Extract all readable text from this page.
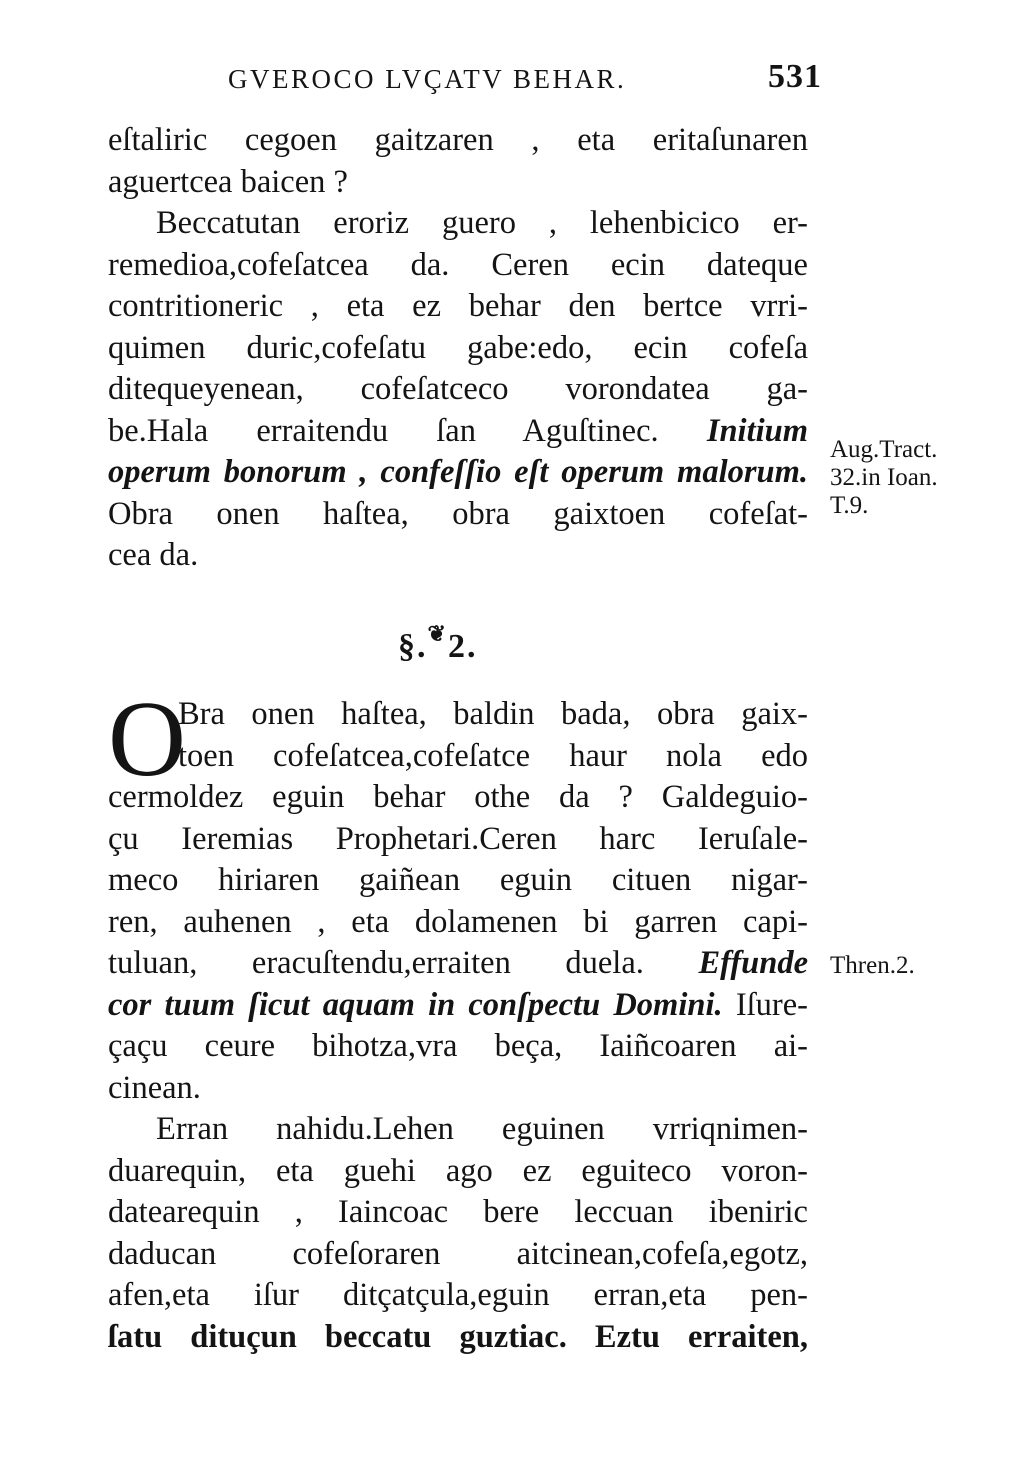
GVEROCO LVÇATV BEHAR.	531
eſtaliric cegoen gaitzaren , eta eritaſunaren
aguertcea baicen ?
Beccatutan eroriz guero , lehenbicico er-
remedioa,cofeſatcea da. Ceren ecin dateque
contritioneric , eta ez behar den bertce vrri-
quimen duric,cofeſatu gabe:edo, ecin cofeſa
ditequeyenean, cofeſatceco vorondatea ga-
be.Hala erraitendu ſan Aguſtinec. Initium
operum bonorum , confeſſio eſt operum malorum.
Obra onen haſtea, obra gaixtoen cofeſat-
cea da.
Aug.Tract.
32.in Ioan.
T.9.
§.❦2.
O
Bra onen haſtea, baldin bada, obra gaix-
toen cofeſatcea,cofeſatce haur nola edo
cermoldez eguin behar othe da ? Galdeguio-
çu Ieremias Prophetari.Ceren harc Ieruſale-
meco hiriaren gaiñean eguin cituen nigar-
ren, auhenen , eta dolamenen bi garren capi-
tuluan, eracuſtendu,erraiten duela. Effunde
cor tuum ſicut aquam in conſpectu Domini. Iſure-
çaçu ceure bihotza,vra beça, Iaiñcoaren ai-
cinean.
Erran nahidu.Lehen eguinen vrriqnimen-
duarequin, eta guehi ago ez eguiteco voron-
datearequin , Iaincoac bere leccuan ibeniric
daducan cofeſoraren aitcinean,cofeſa,egotz,
afen,eta iſur ditçatçula,eguin erran,eta pen-
ſatu dituçun beccatu guztiac. Eztu erraiten,
Thren.2.
